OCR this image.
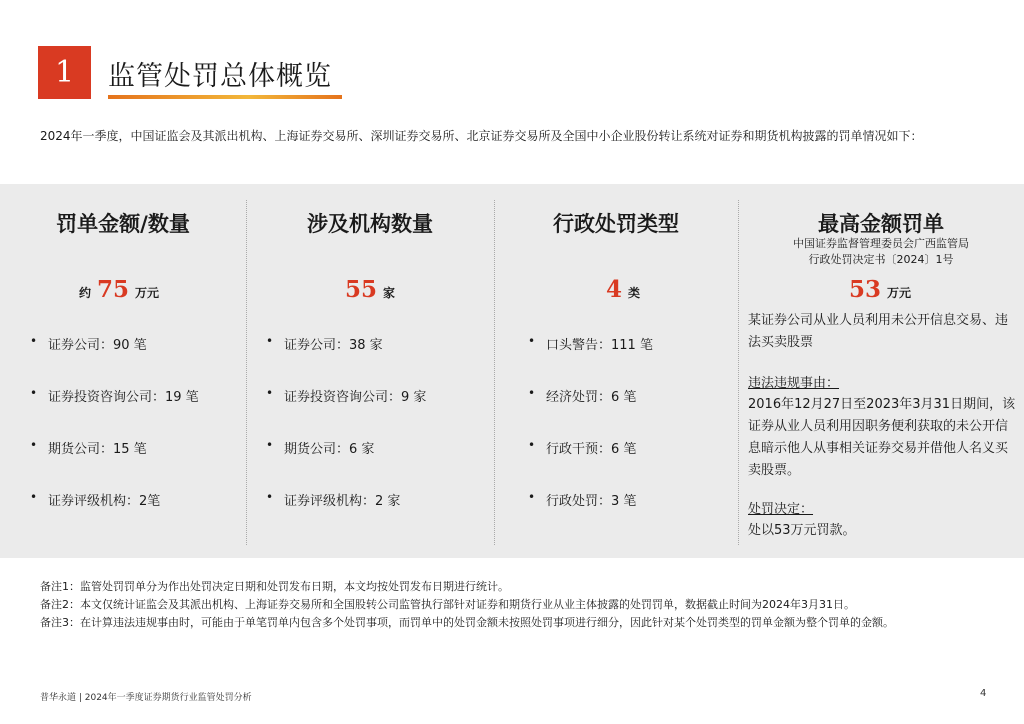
1	监管处罚总体概览
2024年一季度，中国证监会及其派出机构、上海证券交易所、深圳证券交易所、北京证券交易所及全国中小企业股份转让系统对证券和期货机构披露的罚单情况如下：
罚单金额/数量
约 75 万元
• 证券公司：90 笔
• 证券投资咨询公司：19 笔
• 期货公司：15 笔
• 证券评级机构：2笔
涉及机构数量
55 家
• 证券公司：38 家
• 证券投资咨询公司：9 家
• 期货公司：6 家
• 证券评级机构：2 家
行政处罚类型
4 类
• 口头警告：111 笔
• 经济处罚：6 笔
• 行政干预：6 笔
• 行政处罚：3 笔
最高金额罚单
中国证券监督管理委员会广西监管局
行政处罚决定书〔2024〕1号
53 万元
某证券公司从业人员利用未公开信息交易、违法买卖股票
违法违规事由：
2016年12月27日至2023年3月31日期间，该证券从业人员利用因职务便利获取的未公开信息暗示他人从事相关证券交易并借他人名义买卖股票。
处罚决定：
处以53万元罚款。
备注1：监管处罚罚单分为作出处罚决定日期和处罚发布日期，本文均按处罚发布日期进行统计。
备注2：本文仅统计证监会及其派出机构、上海证券交易所和全国股转公司监管执行部针对证券和期货行业从业主体披露的处罚罚单，数据截止时间为2024年3月31日。
备注3：在计算违法违规事由时，可能由于单笔罚单内包含多个处罚事项，而罚单中的处罚金额未按照处罚事项进行细分，因此针对某个处罚类型的罚单金额为整个罚单的金额。
普华永道 | 2024年一季度证券期货行业监管处罚分析	4
